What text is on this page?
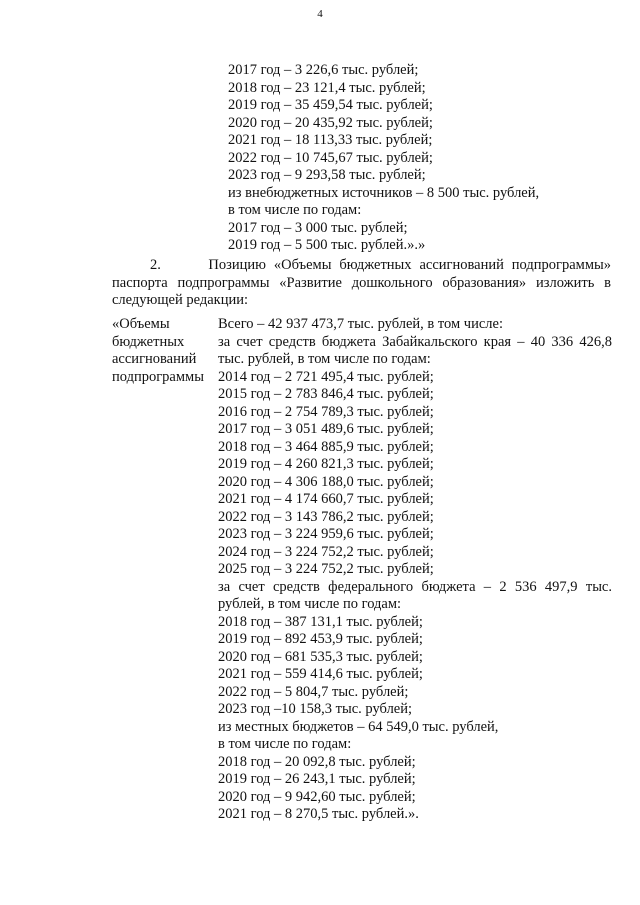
4
2017 год – 3 226,6 тыс. рублей;
2018 год – 23 121,4 тыс. рублей;
2019 год – 35 459,54 тыс. рублей;
2020 год – 20 435,92 тыс. рублей;
2021 год – 18 113,33 тыс. рублей;
2022 год – 10 745,67 тыс. рублей;
2023 год – 9 293,58 тыс. рублей;
из внебюджетных источников – 8 500 тыс. рублей,
в том числе по годам:
2017 год – 3 000 тыс. рублей;
2019 год – 5 500 тыс. рублей.».»
2.      Позицию «Объемы бюджетных ассигнований подпрограммы»
паспорта подпрограммы «Развитие дошкольного образования» изложить в
следующей редакции:
«Объемы
бюджетных
ассигнований
подпрограммы
Всего – 42 937 473,7 тыс. рублей, в том числе:
за счет средств бюджета Забайкальского края – 40 336 426,8
тыс. рублей, в том числе по годам:
2014 год – 2 721 495,4 тыс. рублей;
2015 год – 2 783 846,4 тыс. рублей;
2016 год – 2 754 789,3 тыс. рублей;
2017 год – 3 051 489,6 тыс. рублей;
2018 год – 3 464 885,9 тыс. рублей;
2019 год – 4 260 821,3 тыс. рублей;
2020 год – 4 306 188,0 тыс. рублей;
2021 год – 4 174 660,7 тыс. рублей;
2022 год – 3 143 786,2 тыс. рублей;
2023 год – 3 224 959,6 тыс. рублей;
2024 год – 3 224 752,2 тыс. рублей;
2025 год – 3 224 752,2 тыс. рублей;
за счет средств федерального бюджета – 2 536 497,9 тыс.
рублей, в том числе по годам:
2018 год – 387 131,1 тыс. рублей;
2019 год – 892 453,9 тыс. рублей;
2020 год – 681 535,3 тыс. рублей;
2021 год – 559 414,6 тыс. рублей;
2022 год – 5 804,7 тыс. рублей;
2023 год –10 158,3 тыс. рублей;
из местных бюджетов – 64 549,0 тыс. рублей,
в том числе по годам:
2018 год – 20 092,8 тыс. рублей;
2019 год – 26 243,1 тыс. рублей;
2020 год – 9 942,60 тыс. рублей;
2021 год – 8 270,5 тыс. рублей.».
